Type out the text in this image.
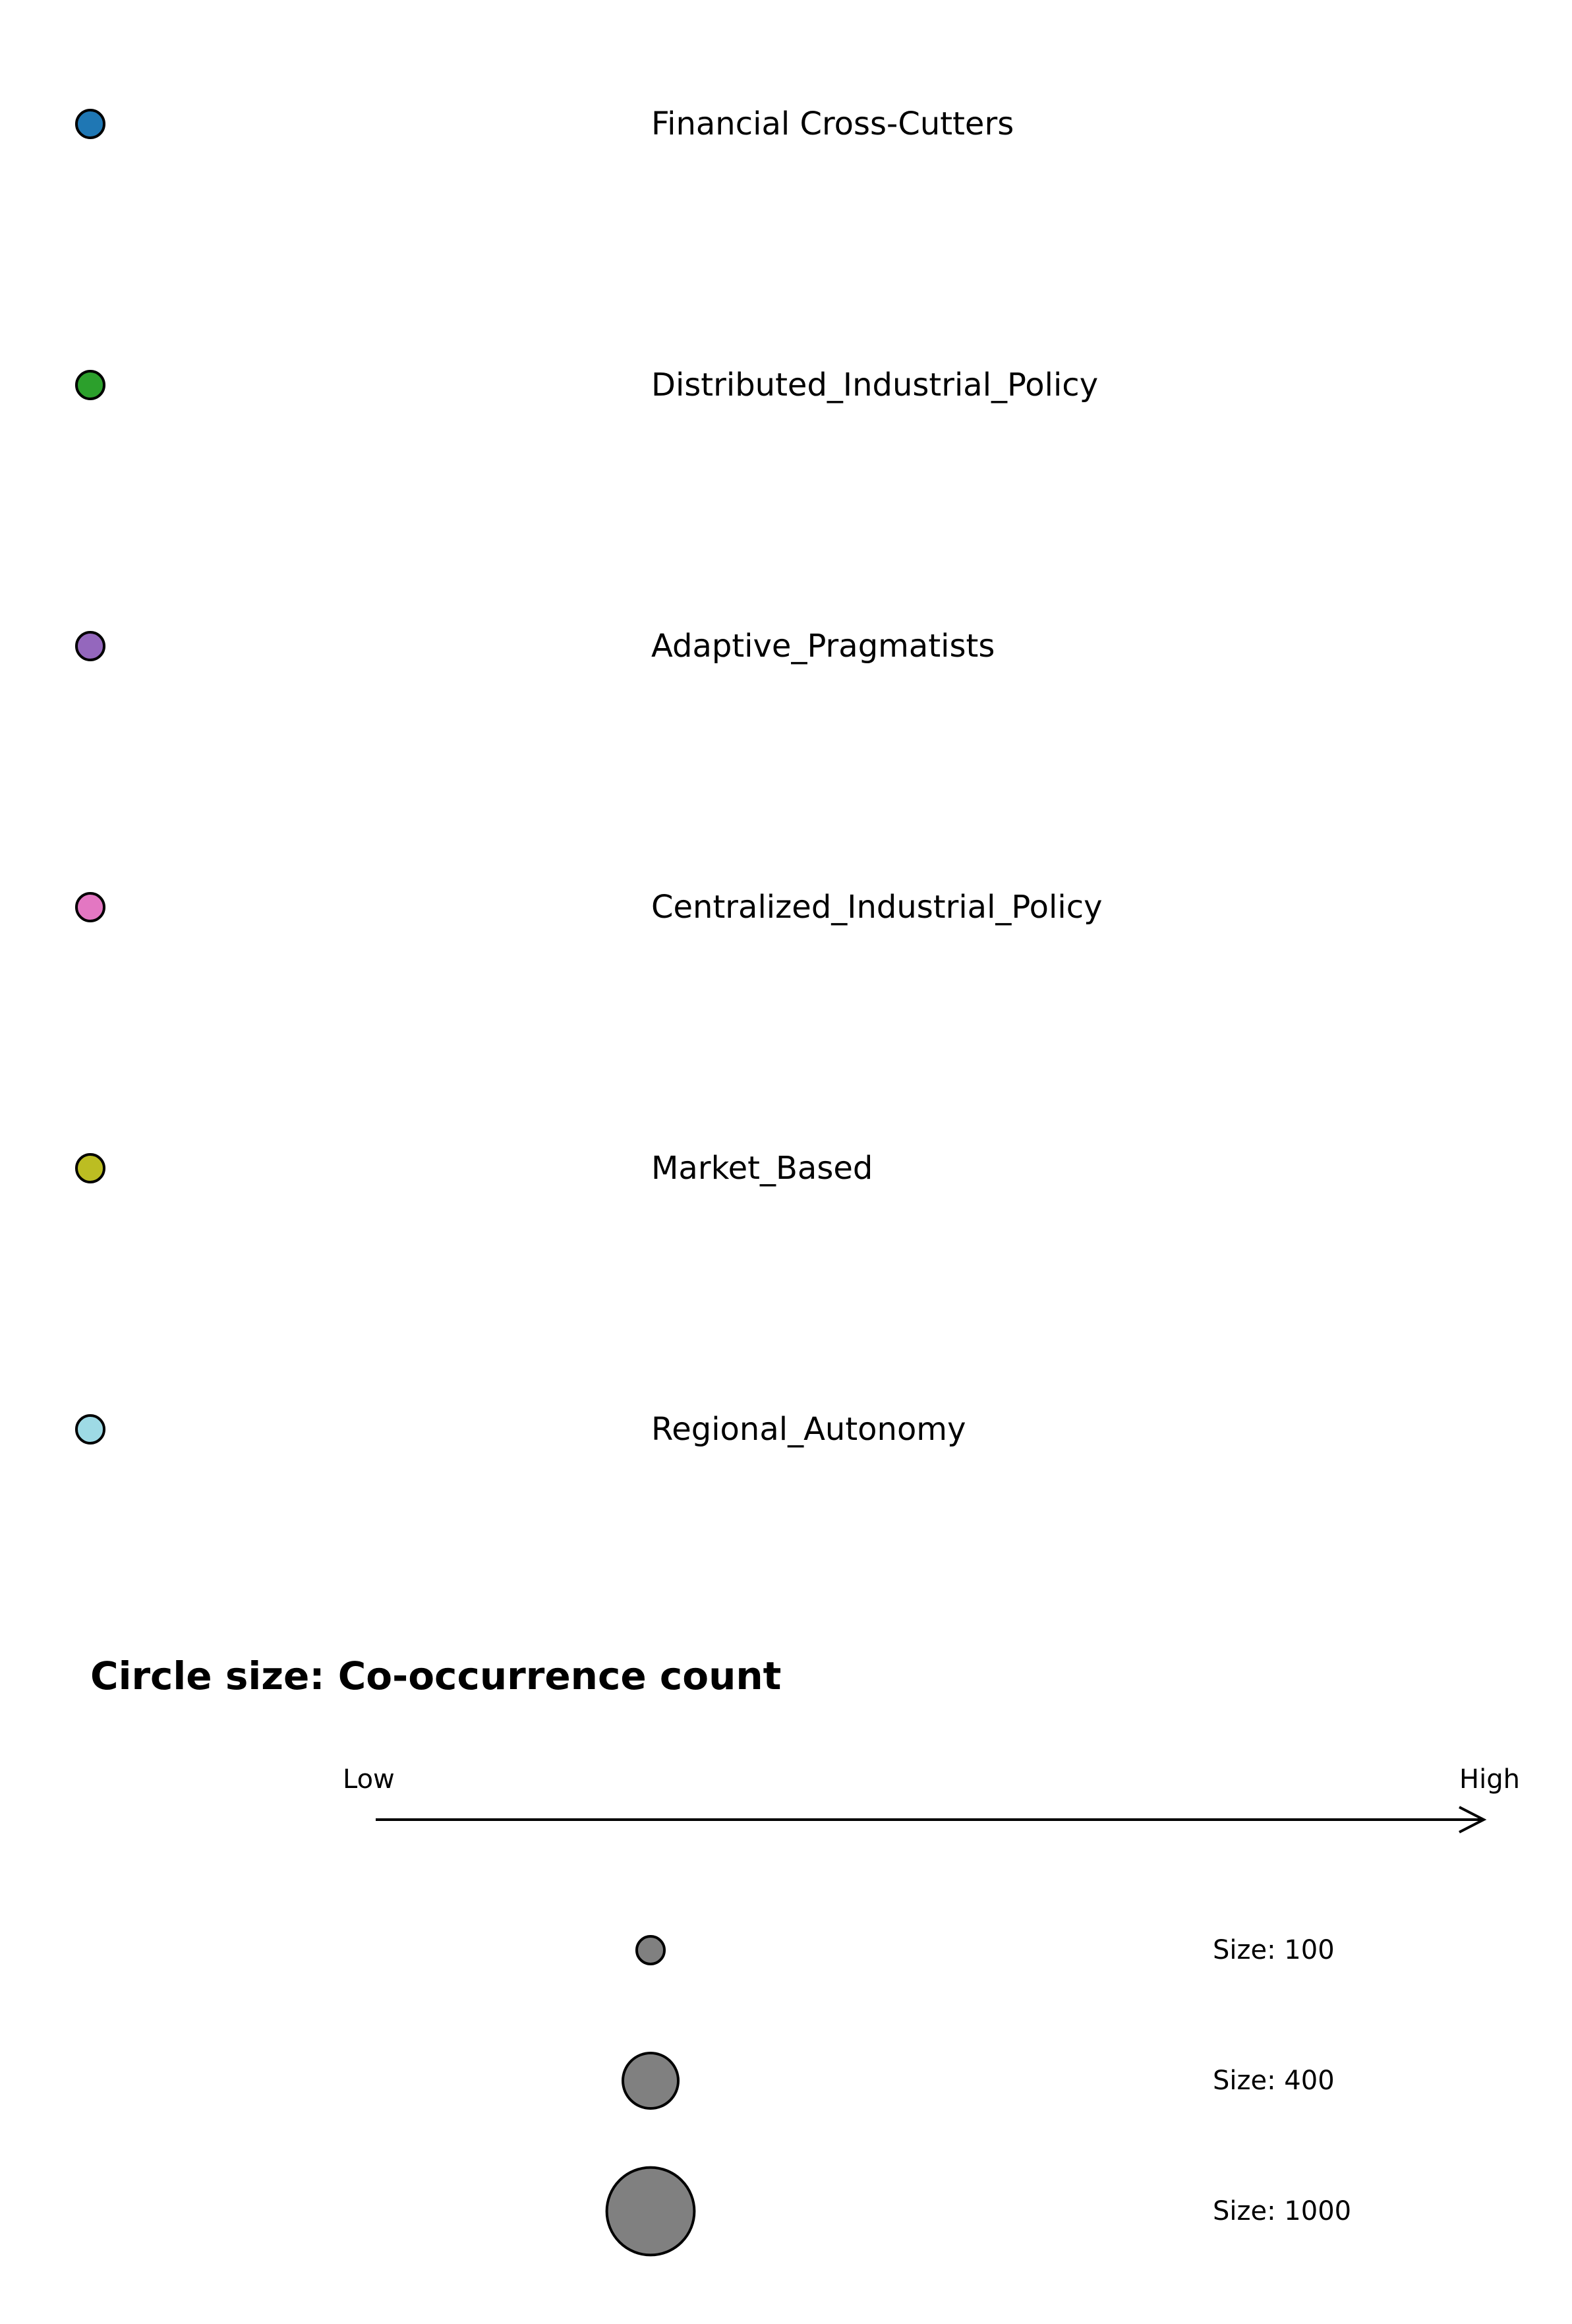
Financial Cross-Cutters
Distributed_Industrial_Policy
Adaptive_Pragmatists
Centralized_Industrial_Policy
Market_Based
Regional_Autonomy
Circle size: Co-occurrence count
Low	High
Size: 100
Size: 400
Size: 1000
